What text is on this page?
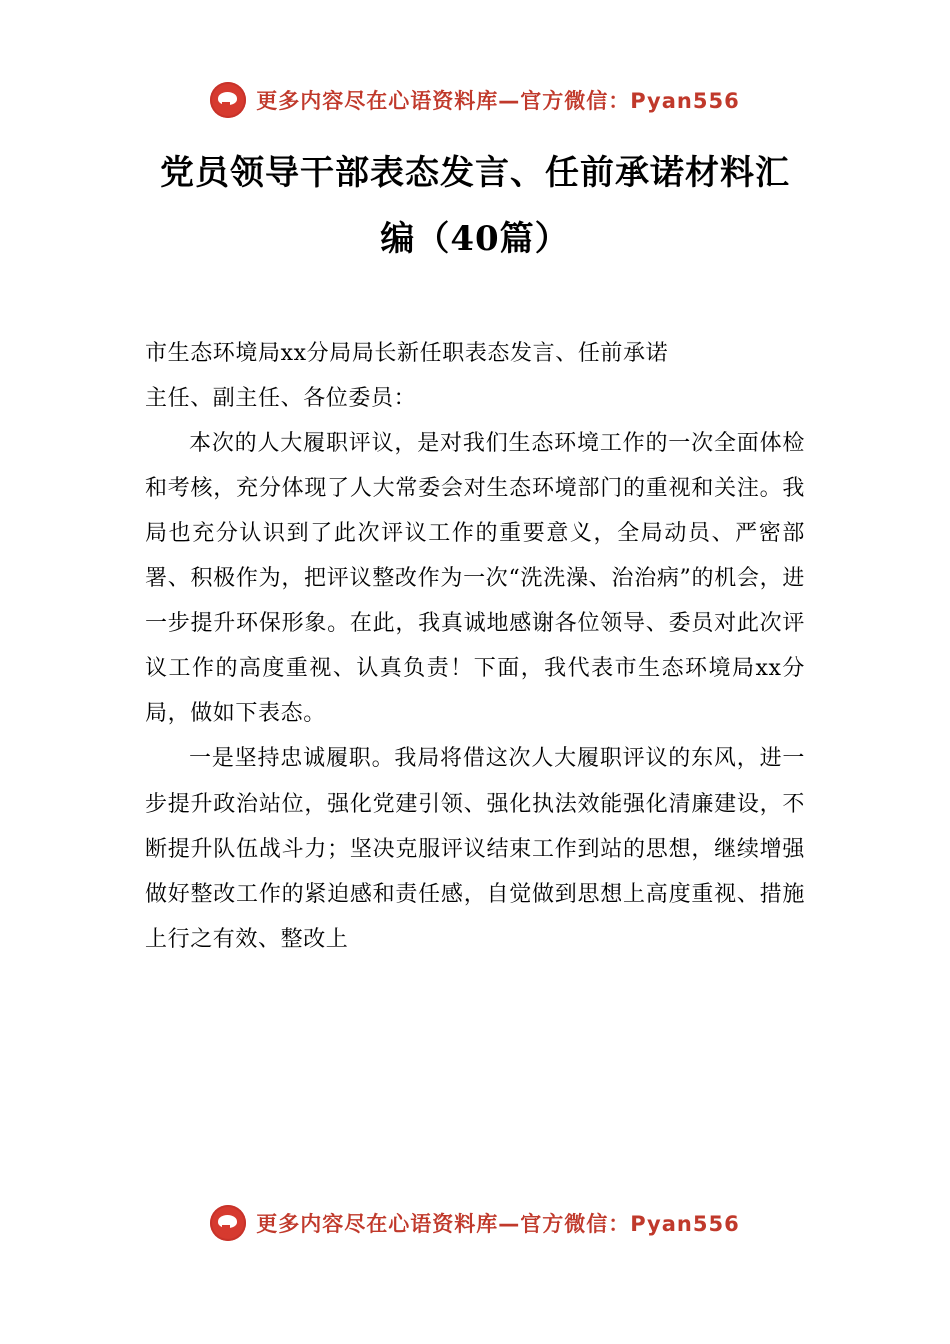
更多内容尽在心语资料库—官方微信：Pyan556
党员领导干部表态发言、任前承诺材料汇编（40篇）

市生态环境局xx分局局长新任职表态发言、任前承诺

主任、副主任、各位委员：

本次的人大履职评议，是对我们生态环境工作的一次全面体检和考核，充分体现了人大常委会对生态环境部门的重视和关注。我局也充分认识到了此次评议工作的重要意义，全局动员、严密部署、积极作为，把评议整改作为一次“洗洗澡、治治病”的机会，进一步提升环保形象。在此，我真诚地感谢各位领导、委员对此次评议工作的高度重视、认真负责！下面，我代表市生态环境局xx分局，做如下表态。

一是坚持忠诚履职。我局将借这次人大履职评议的东风，进一步提升政治站位，强化党建引领、强化执法效能强化清廉建设，不断提升队伍战斗力；坚决克服评议结束工作到站的思想，继续增强做好整改工作的紧迫感和责任感，自觉做到思想上高度重视、措施上行之有效、整改上

更多内容尽在心语资料库—官方微信：Pyan556
